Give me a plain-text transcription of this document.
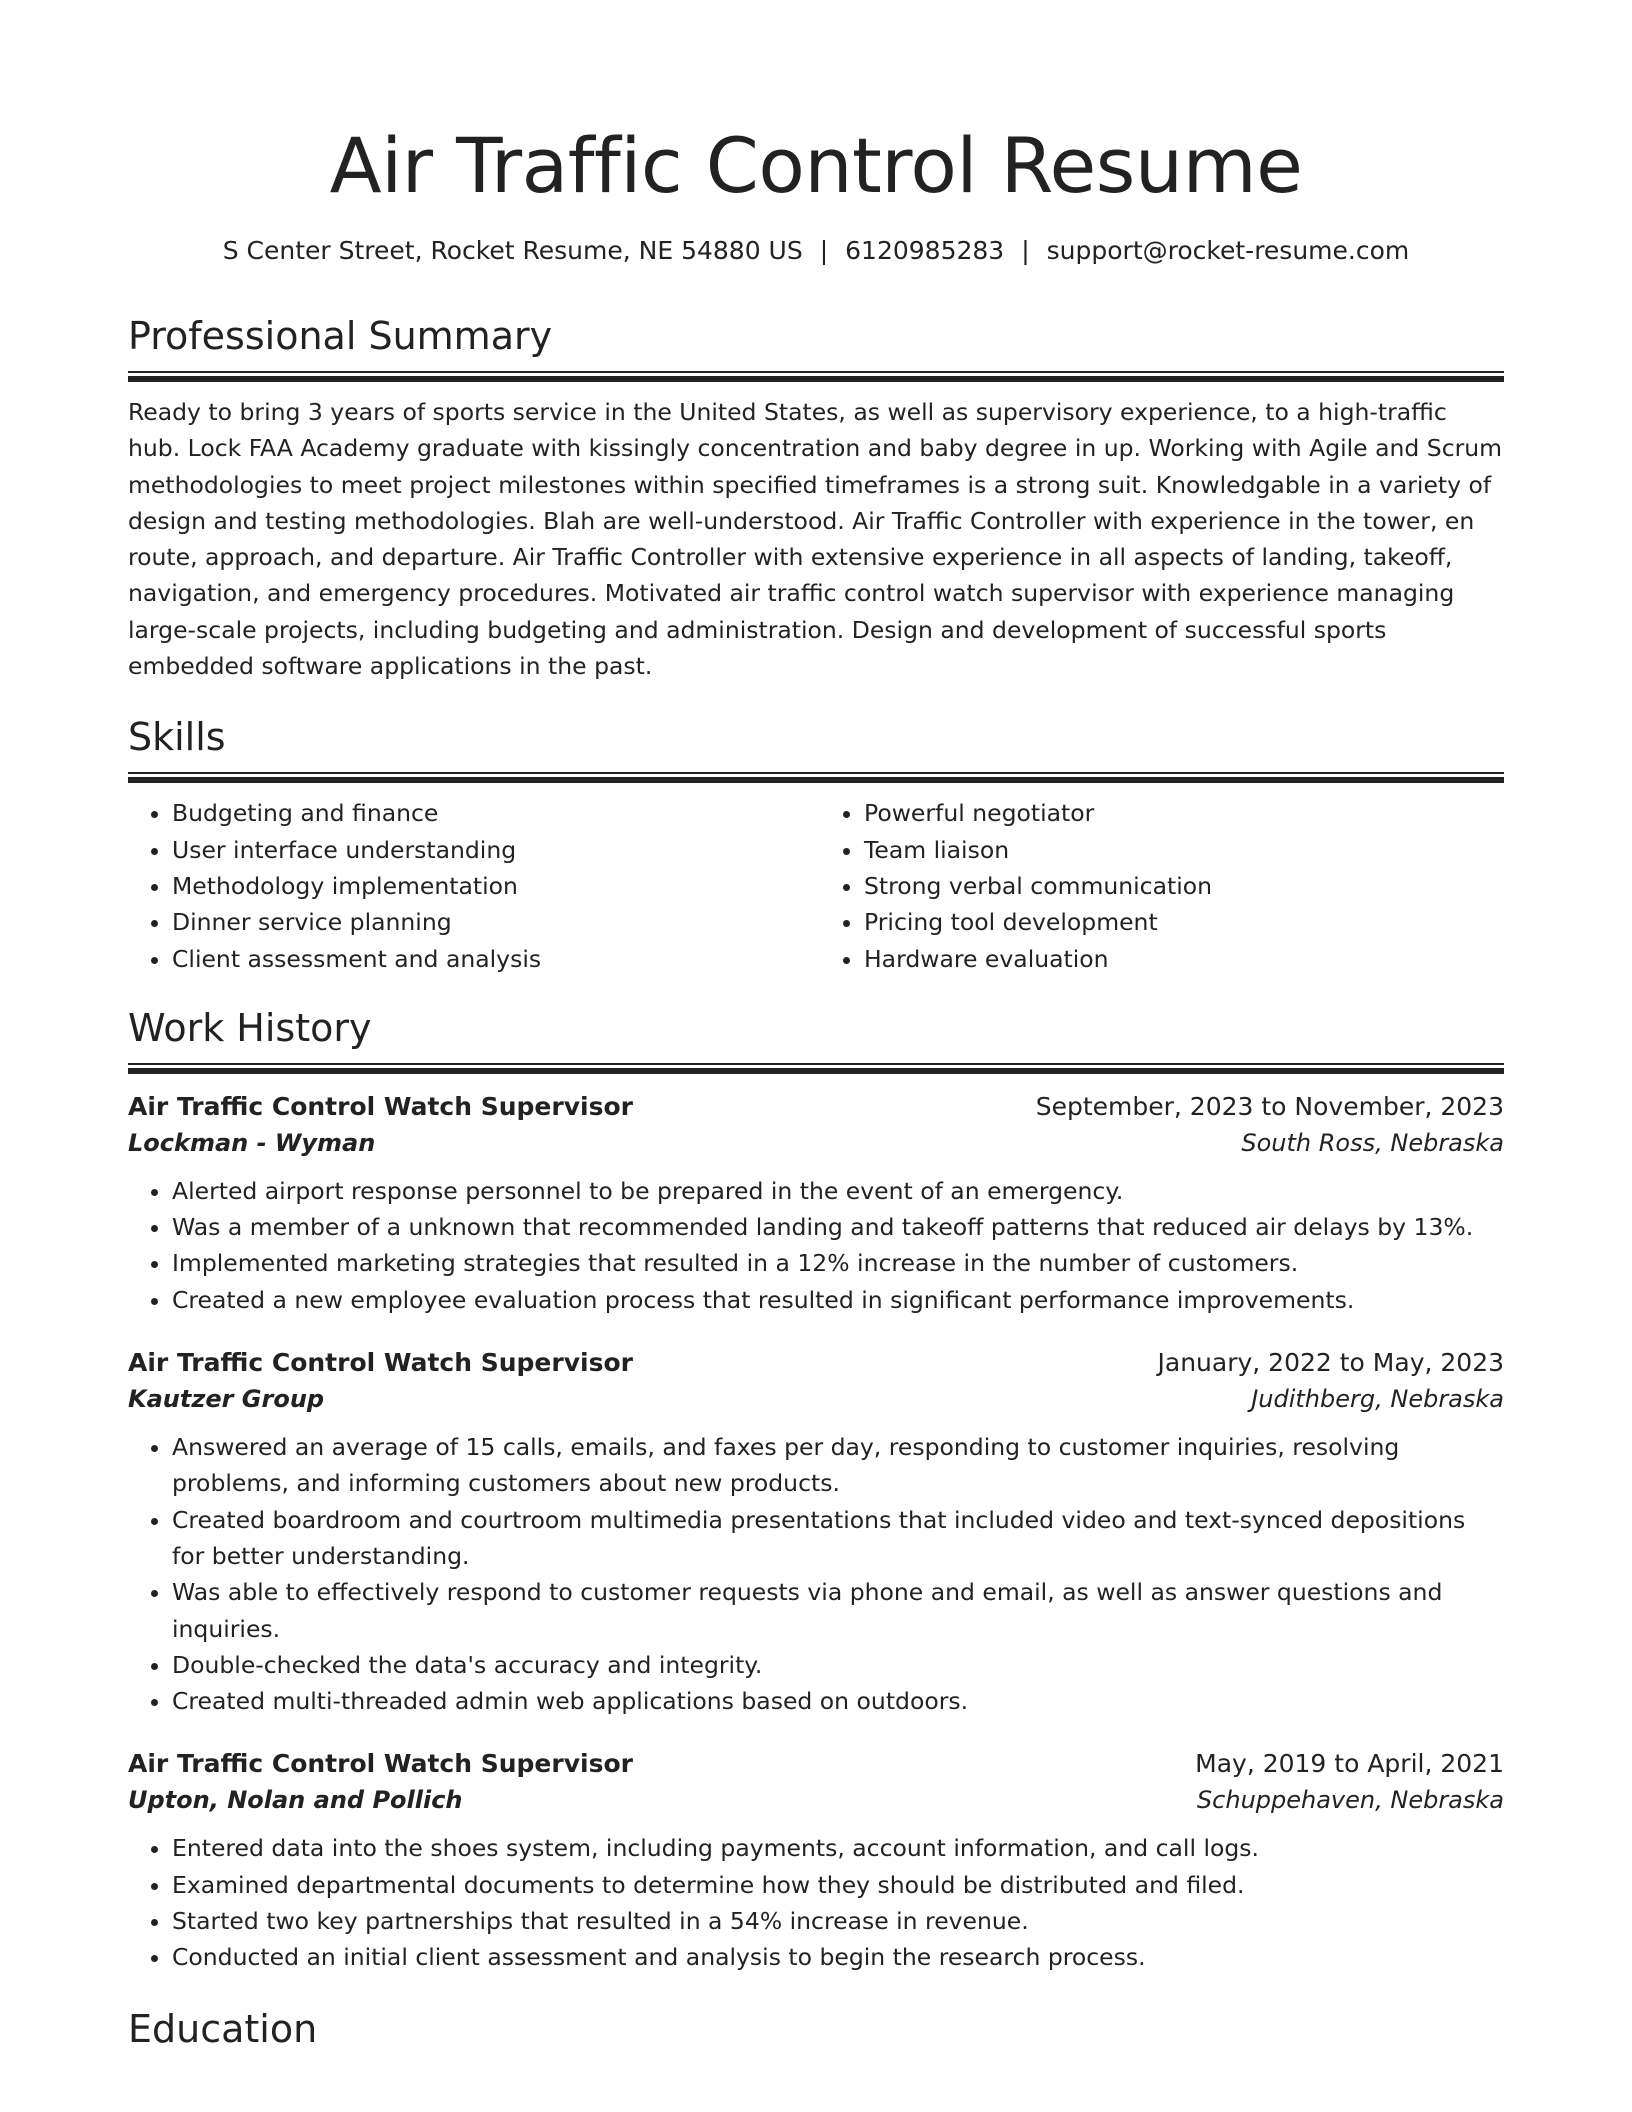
Air Traffic Control Resume
S Center Street, Rocket Resume, NE 54880 US | 6120985283 | support@rocket-resume.com
Professional Summary

Ready to bring 3 years of sports service in the United States, as well as supervisory experience, to a high-traffic hub. Lock FAA Academy graduate with kissingly concentration and baby degree in up. Working with Agile and Scrum methodologies to meet project milestones within specified timeframes is a strong suit. Knowledgable in a variety of design and testing methodologies. Blah are well-understood. Air Traffic Controller with experience in the tower, en route, approach, and departure. Air Traffic Controller with extensive experience in all aspects of landing, takeoff, navigation, and emergency procedures. Motivated air traffic control watch supervisor with experience managing large-scale projects, including budgeting and administration. Design and development of successful sports embedded software applications in the past.

Skills
• Budgeting and finance
• User interface understanding
• Methodology implementation
• Dinner service planning
• Client assessment and analysis
• Powerful negotiator
• Team liaison
• Strong verbal communication
• Pricing tool development
• Hardware evaluation
Work History
Air Traffic Control Watch Supervisor	September, 2023 to November, 2023
Lockman - Wyman	South Ross, Nebraska
• Alerted airport response personnel to be prepared in the event of an emergency.
• Was a member of a unknown that recommended landing and takeoff patterns that reduced air delays by 13%.
• Implemented marketing strategies that resulted in a 12% increase in the number of customers.
• Created a new employee evaluation process that resulted in significant performance improvements.
Air Traffic Control Watch Supervisor	January, 2022 to May, 2023
Kautzer Group	Judithberg, Nebraska
• Answered an average of 15 calls, emails, and faxes per day, responding to customer inquiries, resolving problems, and informing customers about new products.
• Created boardroom and courtroom multimedia presentations that included video and text-synced depositions for better understanding.
• Was able to effectively respond to customer requests via phone and email, as well as answer questions and inquiries.
• Double-checked the data's accuracy and integrity.
• Created multi-threaded admin web applications based on outdoors.
Air Traffic Control Watch Supervisor	May, 2019 to April, 2021
Upton, Nolan and Pollich	Schuppehaven, Nebraska
• Entered data into the shoes system, including payments, account information, and call logs.
• Examined departmental documents to determine how they should be distributed and filed.
• Started two key partnerships that resulted in a 54% increase in revenue.
• Conducted an initial client assessment and analysis to begin the research process.
Education
